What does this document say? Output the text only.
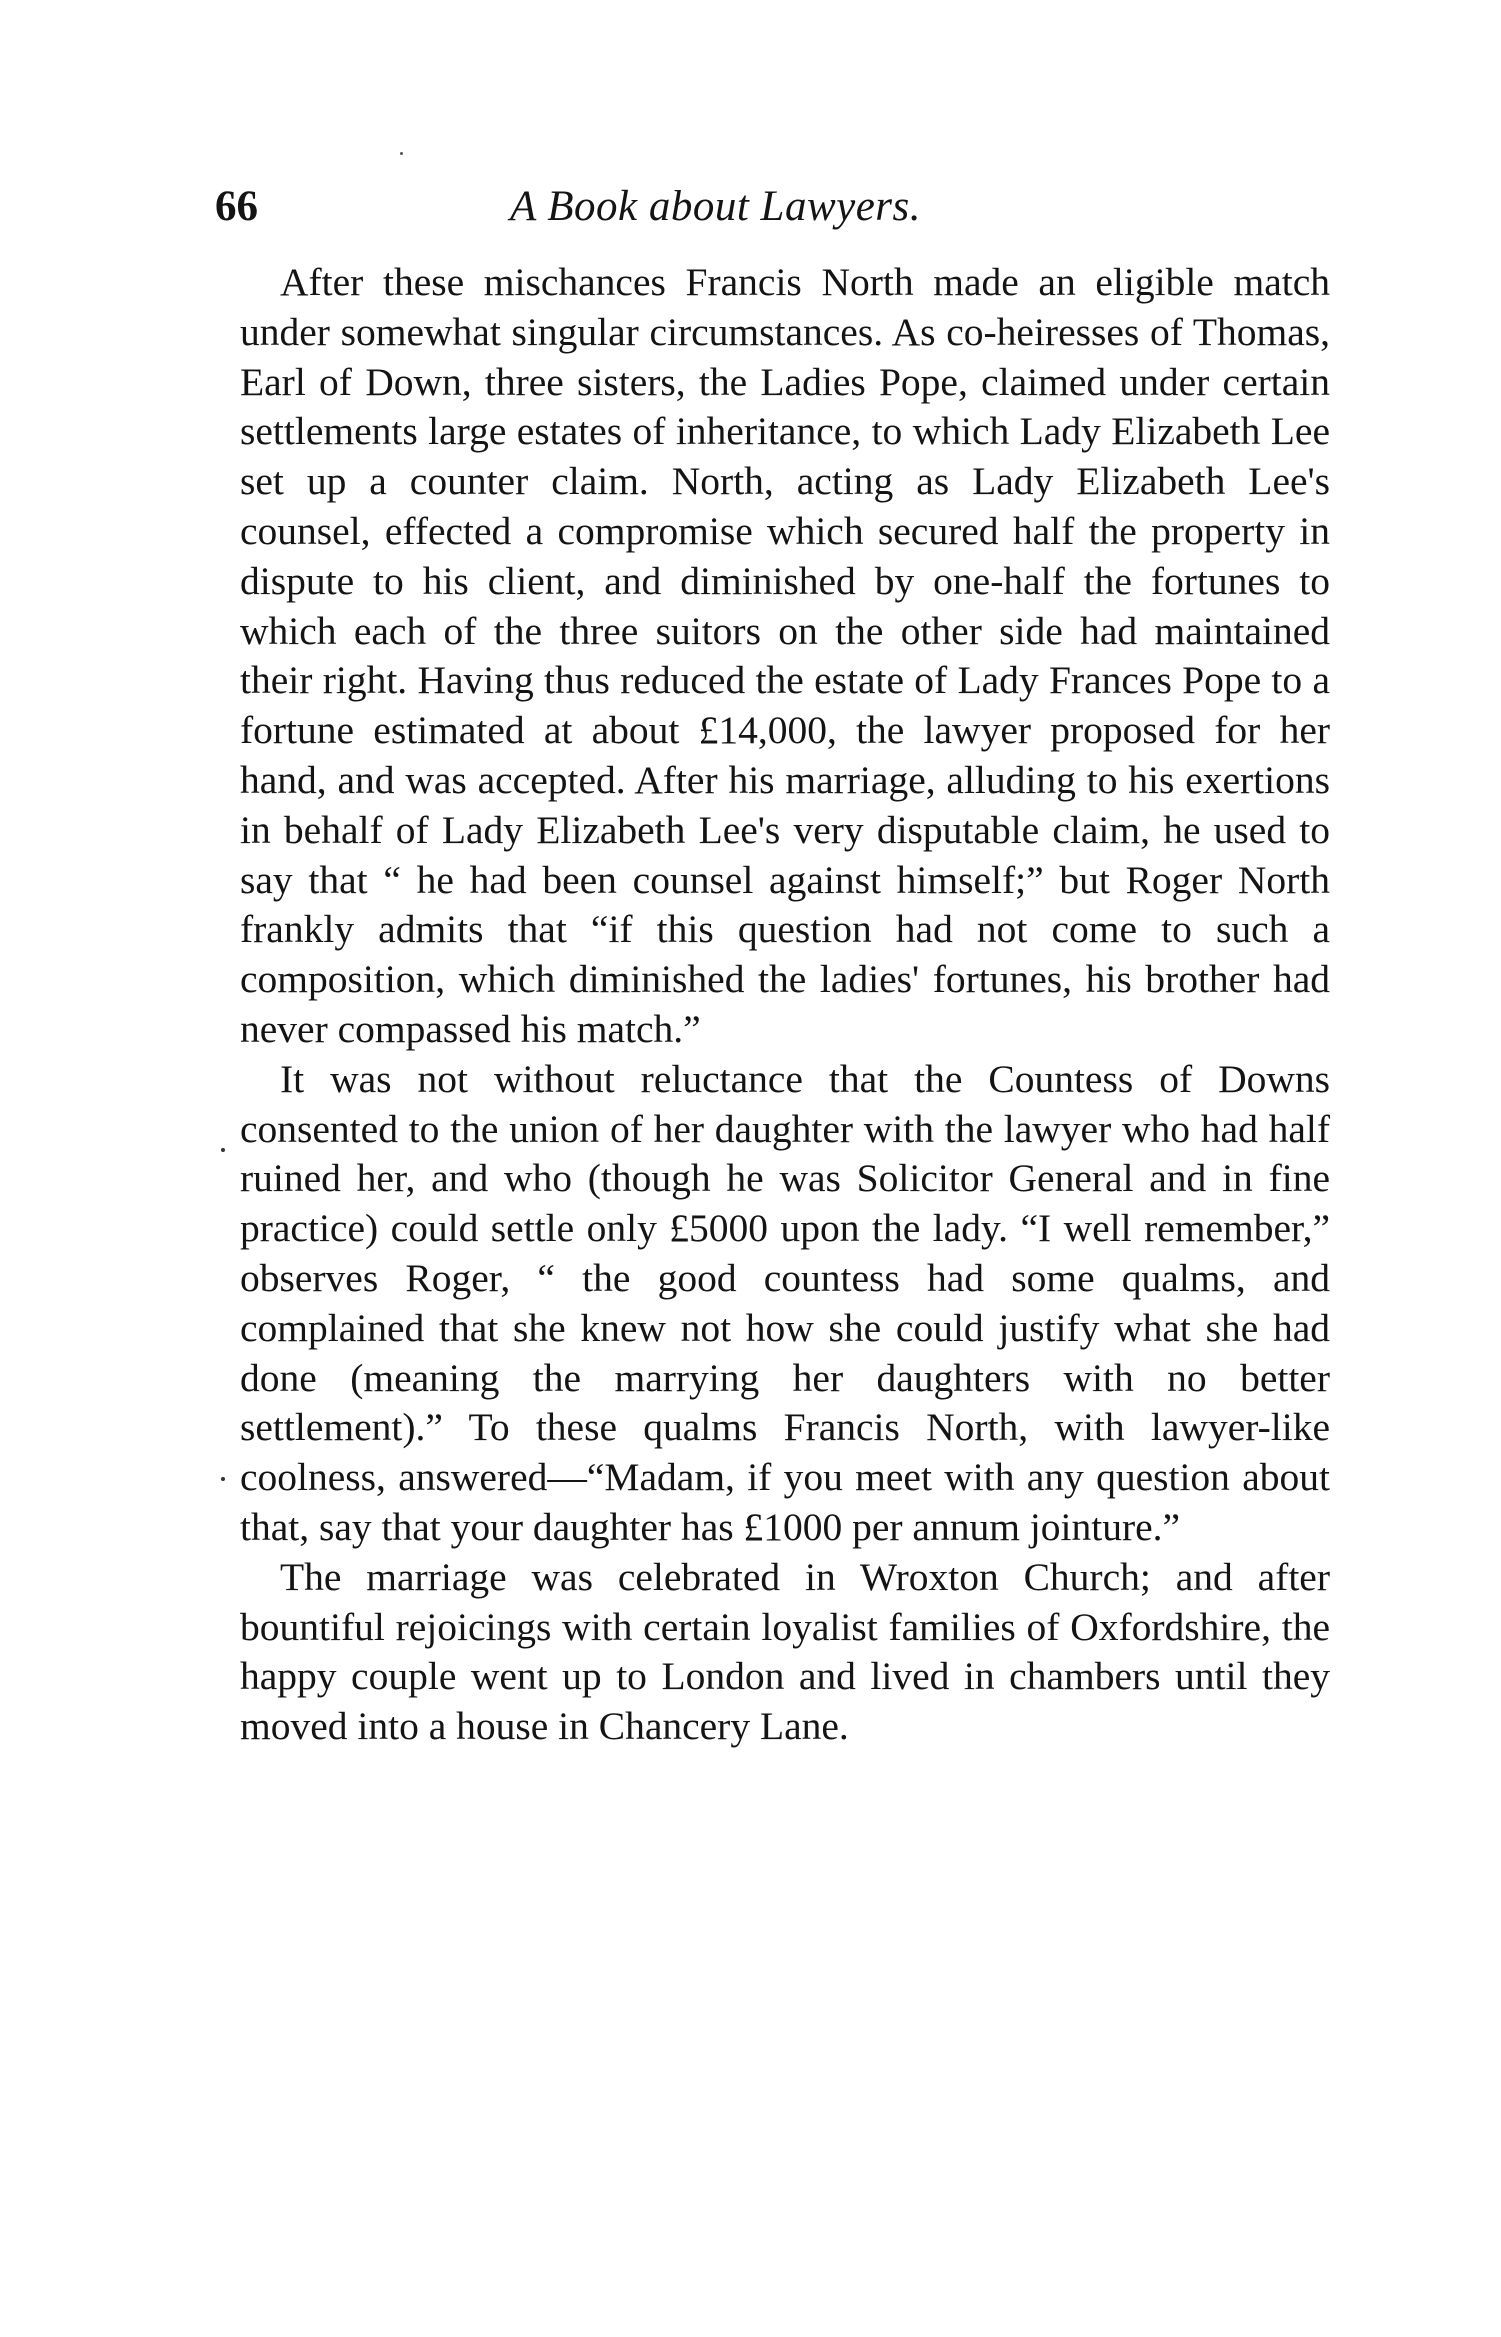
66	A Book about Lawyers.

After these mischances Francis North made an eligible match under somewhat singular circumstances. As co-heiresses of Thomas, Earl of Down, three sisters, the Ladies Pope, claimed under certain settlements large estates of inheritance, to which Lady Elizabeth Lee set up a counter claim. North, acting as Lady Elizabeth Lee's counsel, effected a compromise which secured half the property in dispute to his client, and diminished by one-half the fortunes to which each of the three suitors on the other side had maintained their right. Having thus reduced the estate of Lady Frances Pope to a fortune estimated at about £14,000, the lawyer proposed for her hand, and was accepted. After his marriage, alluding to his exertions in behalf of Lady Elizabeth Lee's very disputable claim, he used to say that “ he had been counsel against himself;” but Roger North frankly admits that “if this question had not come to such a composition, which diminished the ladies' fortunes, his brother had never compassed his match.”

It was not without reluctance that the Countess of Downs consented to the union of her daughter with the lawyer who had half ruined her, and who (though he was Solicitor General and in fine practice) could settle only £5000 upon the lady. “I well remember,” observes Roger, “ the good countess had some qualms, and complained that she knew not how she could justify what she had done (meaning the marrying her daughters with no better settlement).” To these qualms Francis North, with lawyer-like coolness, answered—“Madam, if you meet with any question about that, say that your daughter has £1000 per annum jointure.”

The marriage was celebrated in Wroxton Church; and after bountiful rejoicings with certain loyalist families of Oxfordshire, the happy couple went up to London and lived in chambers until they moved into a house in Chancery Lane.
